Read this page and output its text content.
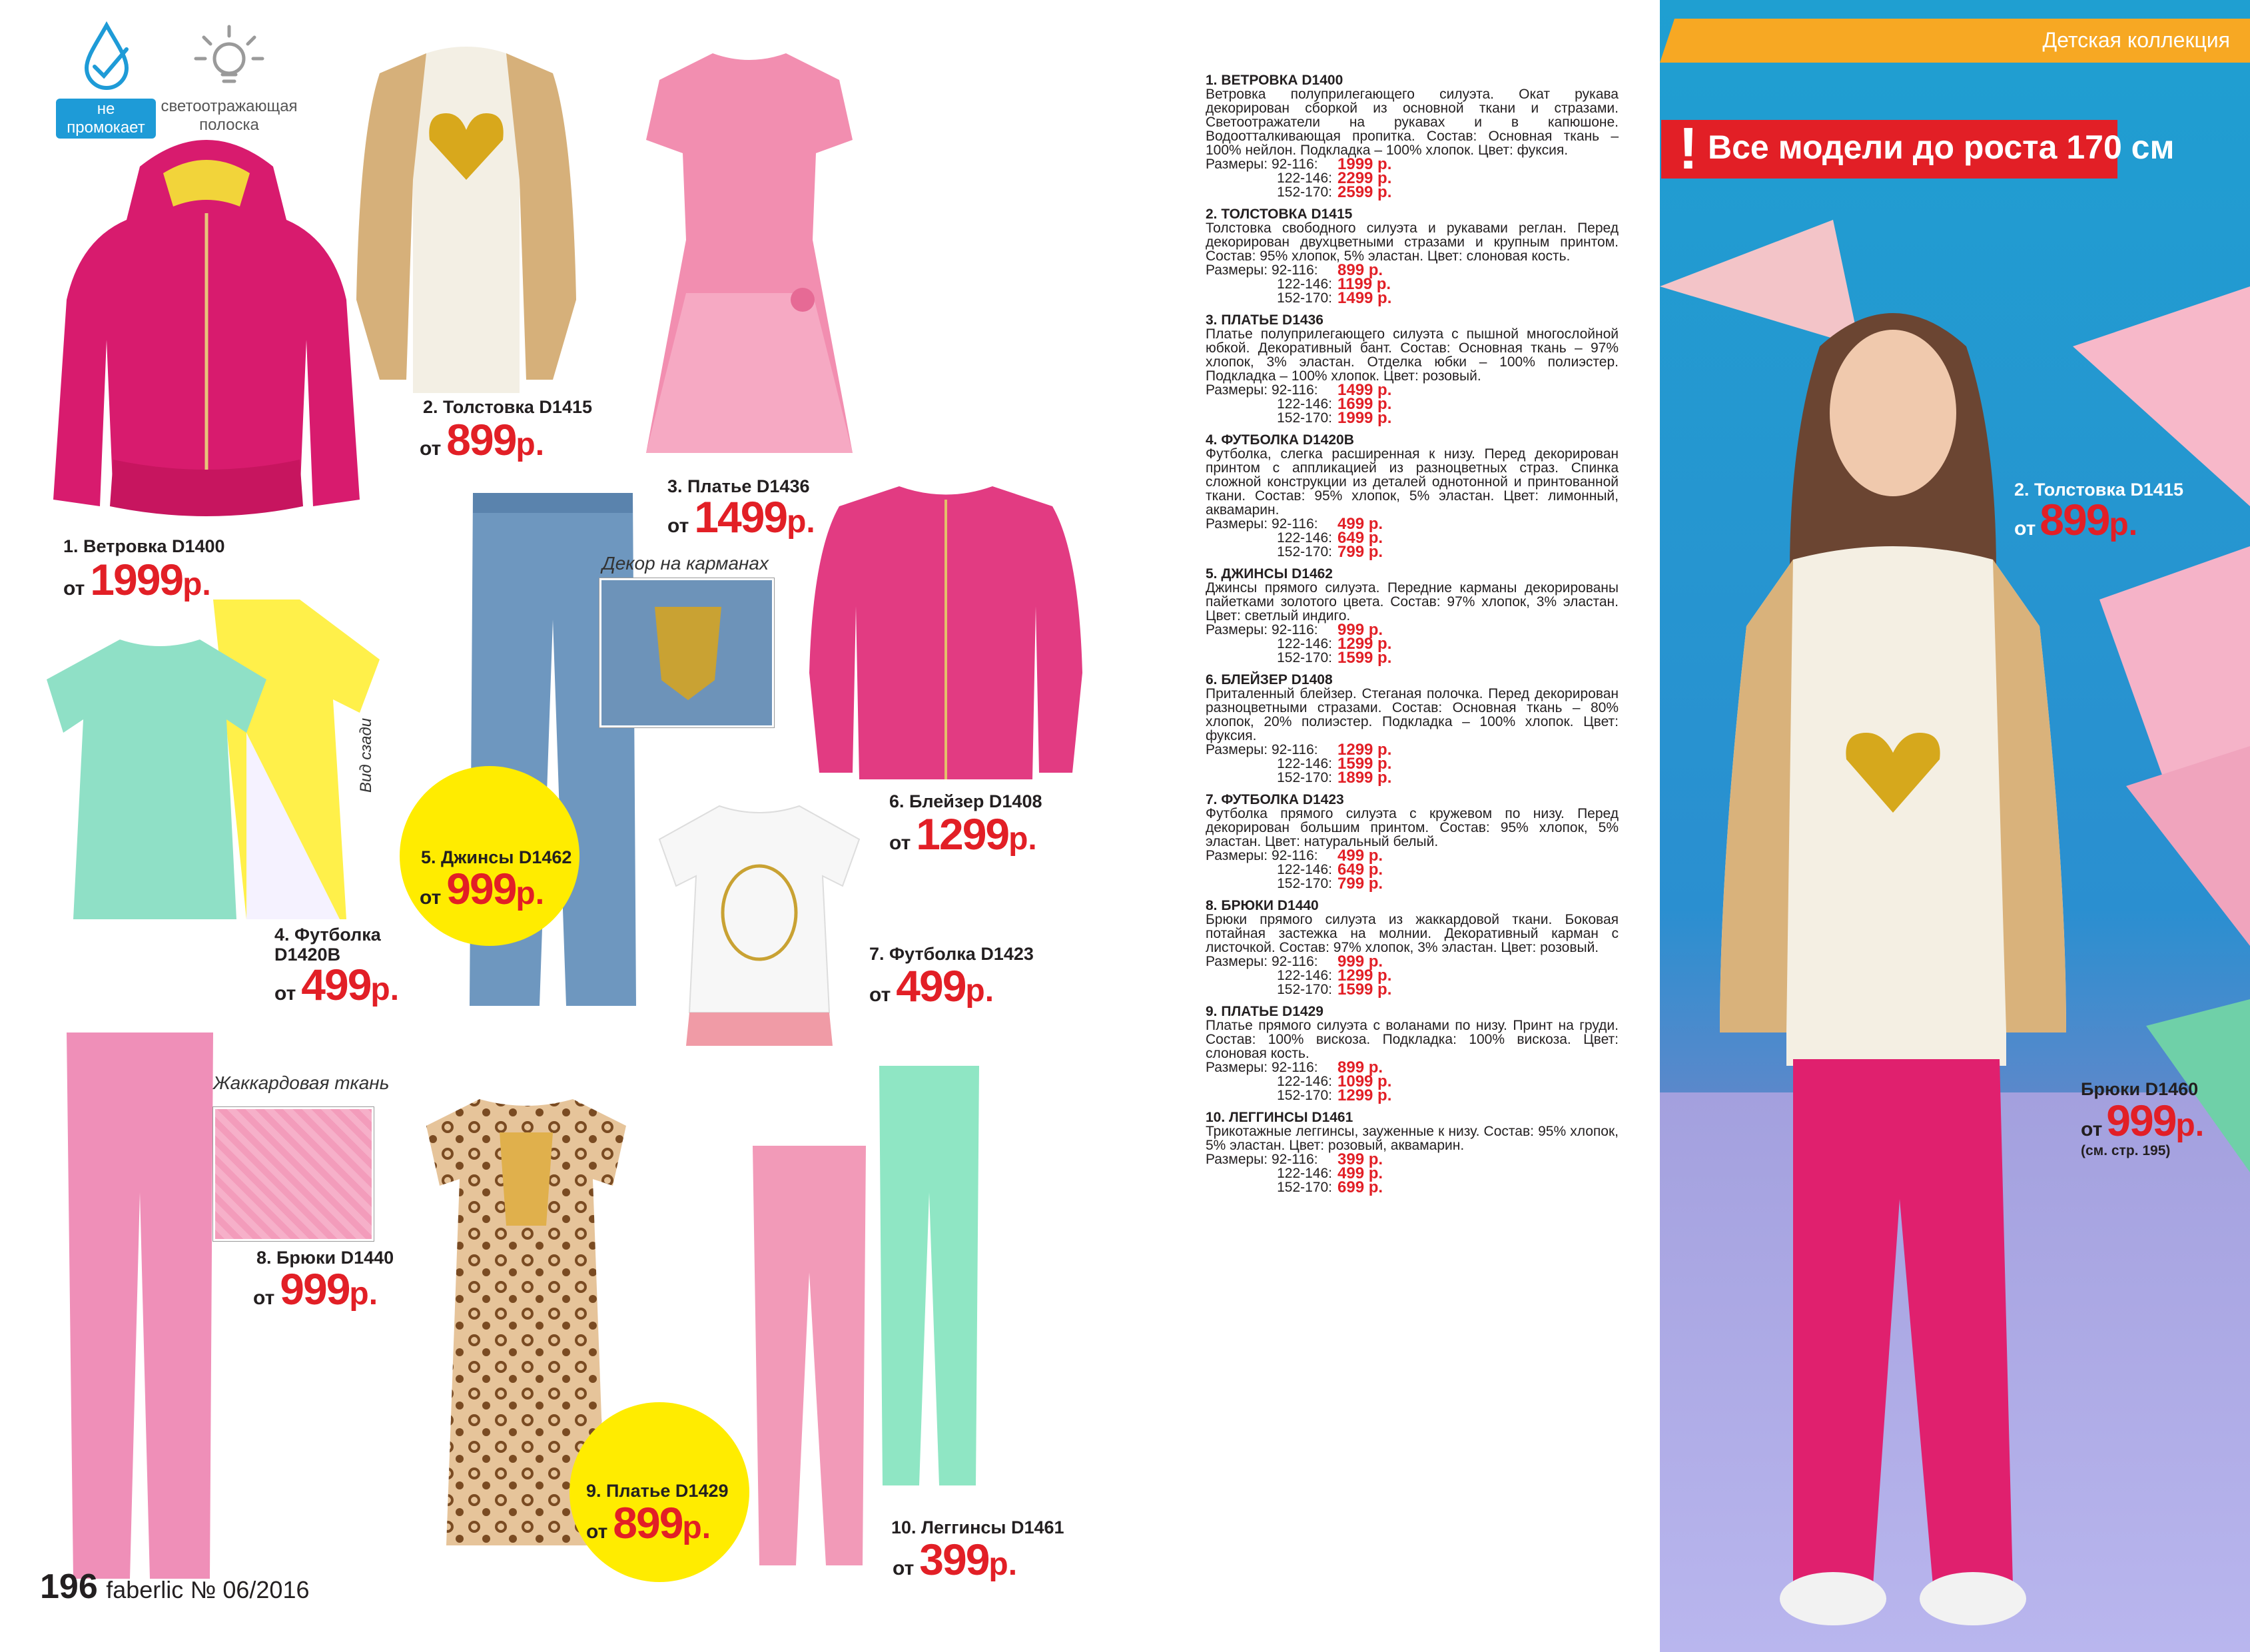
не промокает
светоотражающая
полоска
Декор на карманах
Вид сзади
Жаккардовая ткань
1. Ветровка D1400
от 1999р.
2. Толстовка D1415
от 899р.
3. Платье D1436
от 1499р.
4. Футболка
D1420B
от 499р.
5. Джинсы D1462
от 999р.
6. Блейзер D1408
от 1299р.
7. Футболка D1423
от 499р.
8. Брюки D1440
от 999р.
9. Платье D1429
от 899р.	10. Леггинсы D1461
от 399р.
196 faberlic № 06/2016
1. ВЕТРОВКА D1400
Ветровка полуприлегающего силуэта. Окат рукава декорирован сборкой из основной ткани и стразами. Светоотражатели на рукавах и в капюшоне. Водоотталкивающая пропитка. Состав: Основная ткань – 100% нейлон. Подкладка – 100% хлопок. Цвет: фуксия.
Размеры: 92-116:	1999 р.
122-146: 2299 р.
152-170: 2599 р.
2. ТОЛСТОВКА D1415
Толстовка свободного силуэта и рукавами реглан. Перед декорирован двухцветными стразами и крупным принтом. Состав: 95% хлопок, 5% эластан. Цвет: слоновая кость.
Размеры: 92-116:	899 р.
122-146: 1199 р.
152-170: 1499 р.
3. ПЛАТЬЕ D1436
Платье полуприлегающего силуэта с пышной многослойной юбкой. Декоративный бант. Состав: Основная ткань – 97% хлопок, 3% эластан. Отделка юбки – 100% полиэстер. Подкладка – 100% хлопок. Цвет: розовый.
Размеры: 92-116:	1499 р.
122-146: 1699 р.
152-170: 1999 р.
4. ФУТБОЛКА D1420B
Футболка, слегка расширенная к низу. Перед декорирован принтом с аппликацией из разноцветных страз. Спинка сложной конструкции из деталей однотонной и принтованной ткани. Состав: 95% хлопок, 5% эластан. Цвет: лимонный, аквамарин.
Размеры: 92-116:	499 р.
122-146: 649 р.
152-170: 799 р.
5. ДЖИНСЫ D1462
Джинсы прямого силуэта. Передние карманы декорированы пайетками золотого цвета. Состав: 97% хлопок, 3% эластан. Цвет: светлый индиго.
Размеры: 92-116:	999 р.
122-146: 1299 р.
152-170: 1599 р.
6. БЛЕЙЗЕР D1408
Приталенный блейзер. Стеганая полочка. Перед декорирован разноцветными стразами. Состав: Основная ткань – 80% хлопок, 20% полиэстер. Подкладка – 100% хлопок. Цвет: фуксия.
Размеры: 92-116:	1299 р.
122-146: 1599 р.
152-170: 1899 р.
7. ФУТБОЛКА D1423
Футболка прямого силуэта с кружевом по низу. Перед декорирован большим принтом. Состав: 95% хлопок, 5% эластан. Цвет: натуральный белый.
Размеры: 92-116:	499 р.
122-146: 649 р.
152-170: 799 р.
8. БРЮКИ D1440
Брюки прямого силуэта из жаккардовой ткани. Боковая потайная застежка на молнии. Декоративный карман с листочкой. Состав: 97% хлопок, 3% эластан. Цвет: розовый.
Размеры: 92-116:	999 р.
122-146: 1299 р.
152-170: 1599 р.
9. ПЛАТЬЕ D1429
Платье прямого силуэта с воланами по низу. Принт на груди. Состав: 100% вискоза. Подкладка: 100% вискоза. Цвет: слоновая кость.
Размеры: 92-116:	899 р.
122-146: 1099 р.
152-170: 1299 р.
10. ЛЕГГИНСЫ D1461
Трикотажные леггинсы, зауженные к низу. Состав: 95% хлопок, 5% эластан. Цвет: розовый, аквамарин.
Размеры: 92-116:	399 р.
122-146: 499 р.
152-170: 699 р.
Детская коллекция
! Все модели до роста 170 см
2. Толстовка D1415
от899р.
Брюки D1460
от999р.
(см. стр. 195)
